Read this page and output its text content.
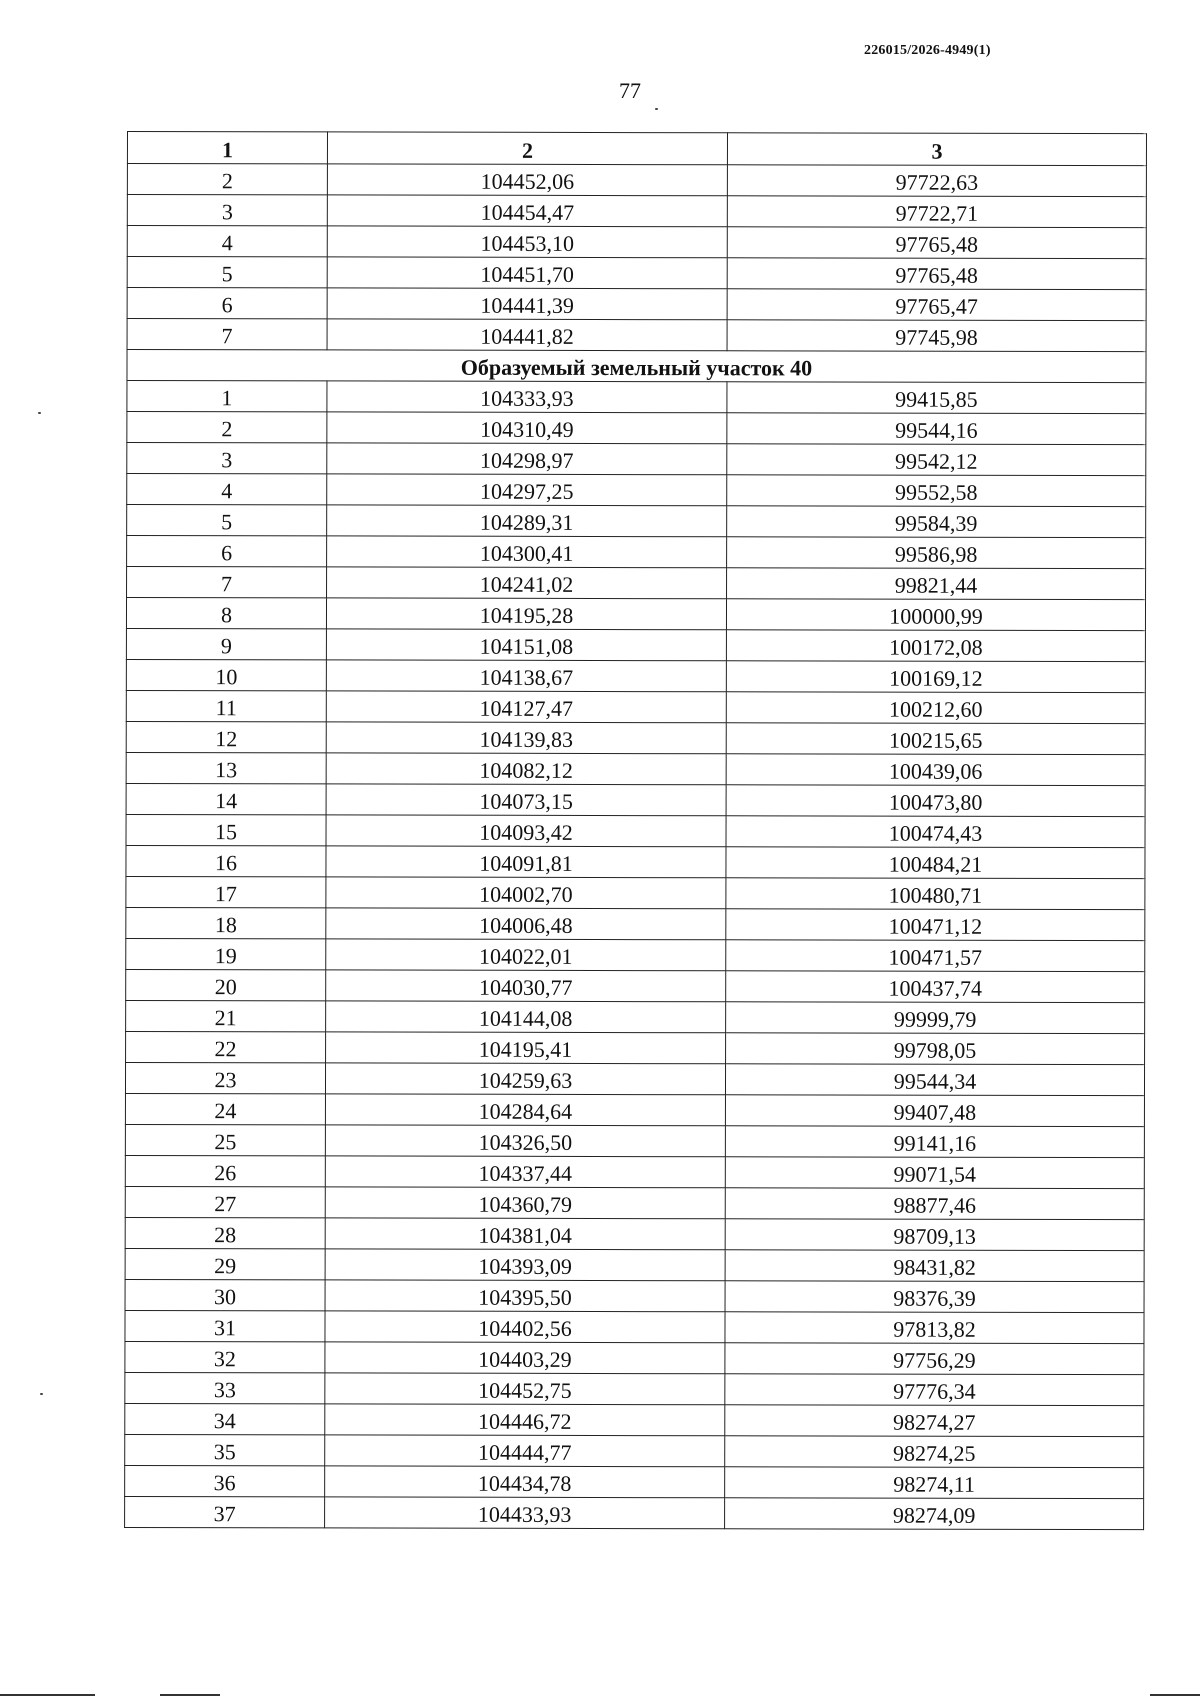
226015/2026-4949(1)
77
1	2	3
2	104452,06	97722,63
3	104454,47	97722,71
4	104453,10	97765,48
5	104451,70	97765,48
6	104441,39	97765,47
7	104441,82	97745,98
Образуемый земельный участок 40		
1	104333,93	99415,85
2	104310,49	99544,16
3	104298,97	99542,12
4	104297,25	99552,58
5	104289,31	99584,39
6	104300,41	99586,98
7	104241,02	99821,44
8	104195,28	100000,99
9	104151,08	100172,08
10	104138,67	100169,12
11	104127,47	100212,60
12	104139,83	100215,65
13	104082,12	100439,06
14	104073,15	100473,80
15	104093,42	100474,43
16	104091,81	100484,21
17	104002,70	100480,71
18	104006,48	100471,12
19	104022,01	100471,57
20	104030,77	100437,74
21	104144,08	99999,79
22	104195,41	99798,05
23	104259,63	99544,34
24	104284,64	99407,48
25	104326,50	99141,16
26	104337,44	99071,54
27	104360,79	98877,46
28	104381,04	98709,13
29	104393,09	98431,82
30	104395,50	98376,39
31	104402,56	97813,82
32	104403,29	97756,29
33	104452,75	97776,34
34	104446,72	98274,27
35	104444,77	98274,25
36	104434,78	98274,11
37	104433,93	98274,09
